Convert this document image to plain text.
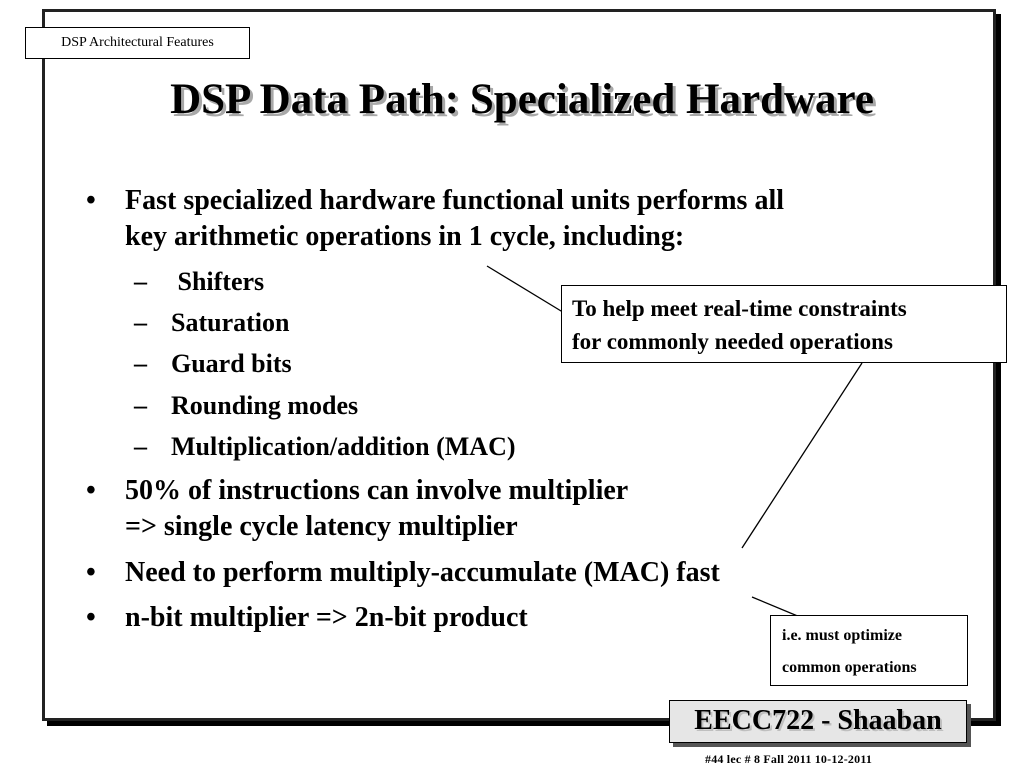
DSP Architectural Features
DSP Data Path: Specialized Hardware
•	Fast specialized hardware functional units performs all
key arithmetic operations in 1 cycle, including:
– Shifters
– Saturation
– Guard bits
– Rounding modes
– Multiplication/addition (MAC)
•	50% of instructions can involve multiplier
=> single cycle latency multiplier
•	Need to perform multiply-accumulate (MAC) fast
•	n-bit multiplier => 2n-bit product
To help meet real-time constraints
for commonly needed operations
i.e. must optimize
common operations
EECC722 - Shaaban
#44 lec # 8 Fall 2011 10-12-2011
